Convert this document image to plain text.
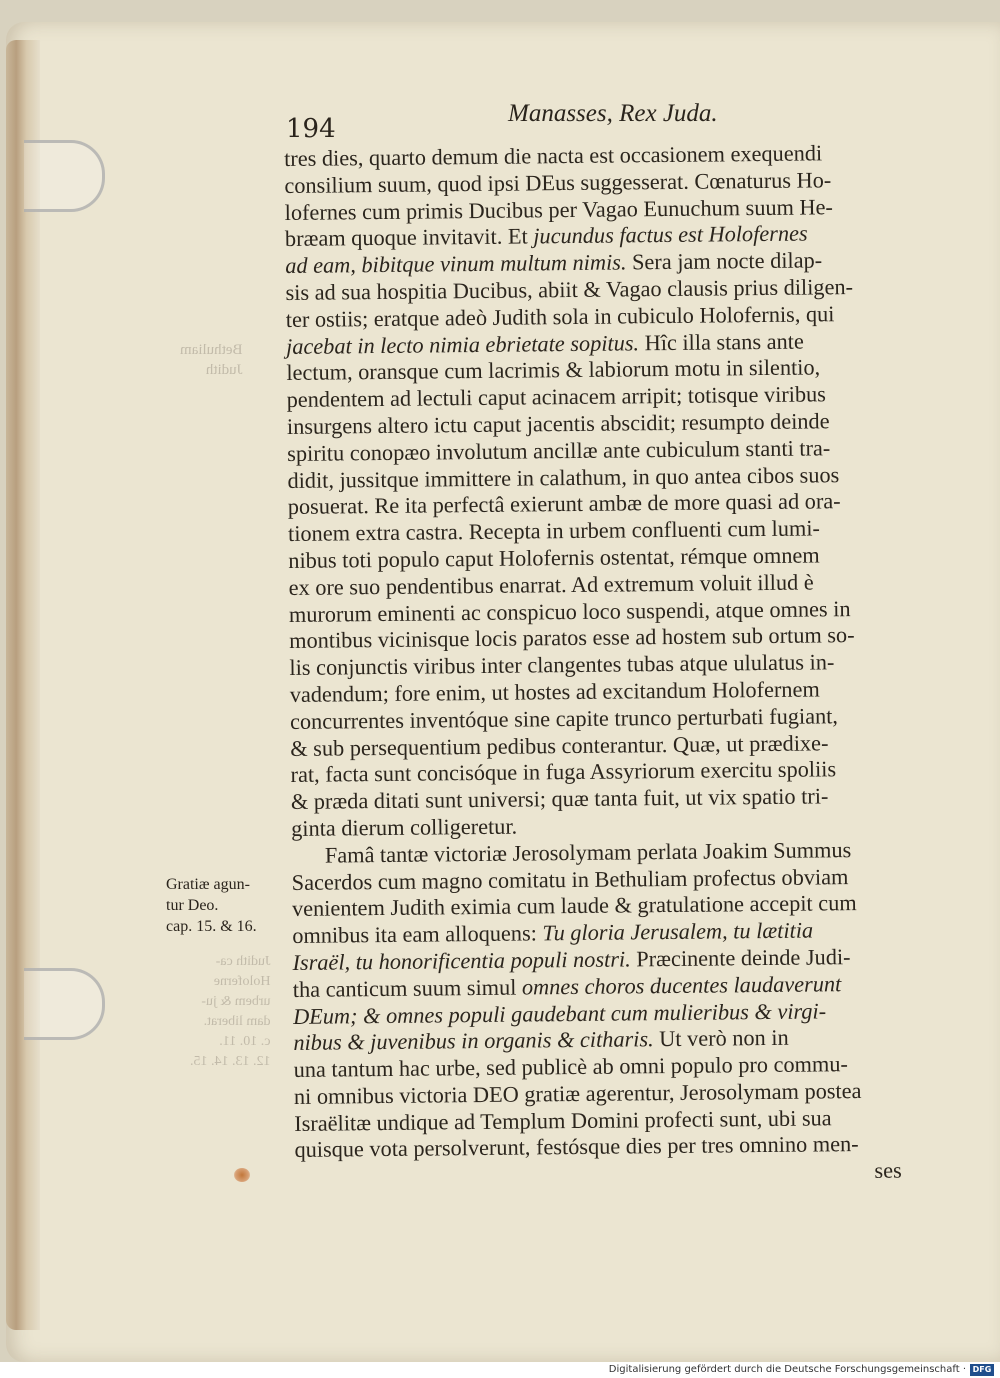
Bethuliam
Judith
Judith ca-
Holoferne
urbem & ju-
dam liberat.
c. 10. 11.
12. 13. 14. 15.
194
Manasses, Rex Juda.
tres dies, quarto demum die nacta est occasionem exequendi
consilium suum, quod ipsi DEus suggesserat. Cœnaturus Ho-
lofernes cum primis Ducibus per Vagao Eunuchum suum He-
bræam quoque invitavit. Et jucundus factus est Holofernes
ad eam, bibitque vinum multum nimis. Sera jam nocte dilap-
sis ad sua hospitia Ducibus, abiit & Vagao clausis prius diligen-
ter ostiis; eratque adeò Judith sola in cubiculo Holofernis, qui
jacebat in lecto nimia ebrietate sopitus. Hîc illa stans ante
lectum, oransque cum lacrimis & labiorum motu in silentio,
pendentem ad lectuli caput acinacem arripit; totisque viribus
insurgens altero ictu caput jacentis abscidit; resumpto deinde
spiritu conopæo involutum ancillæ ante cubiculum stanti tra-
didit, jussitque immittere in calathum, in quo antea cibos suos
posuerat. Re ita perfectâ exierunt ambæ de more quasi ad ora-
tionem extra castra. Recepta in urbem confluenti cum lumi-
nibus toti populo caput Holofernis ostentat, rémque omnem
ex ore suo pendentibus enarrat. Ad extremum voluit illud è
murorum eminenti ac conspicuo loco suspendi, atque omnes in
montibus vicinisque locis paratos esse ad hostem sub ortum so-
lis conjunctis viribus inter clangentes tubas atque ululatus in-
vadendum; fore enim, ut hostes ad excitandum Holofernem
concurrentes inventóque sine capite trunco perturbati fugiant,
& sub persequentium pedibus conterantur. Quæ, ut prædixe-
rat, facta sunt concisóque in fuga Assyriorum exercitu spoliis
& præda ditati sunt universi; quæ tanta fuit, ut vix spatio tri-
ginta dierum colligeretur.
Famâ tantæ victoriæ Jerosolymam perlata Joakim Summus
Sacerdos cum magno comitatu in Bethuliam profectus obviam
venientem Judith eximia cum laude & gratulatione accepit cum
omnibus ita eam alloquens: Tu gloria Jerusalem, tu lætitia
Israël, tu honorificentia populi nostri. Præcinente deinde Judi-
tha canticum suum simul omnes choros ducentes laudaverunt
DEum; & omnes populi gaudebant cum mulieribus & virgi-
nibus & juvenibus in organis & citharis. Ut verò non in
una tantum hac urbe, sed publicè ab omni populo pro commu-
ni omnibus victoria DEO gratiæ agerentur, Jerosolymam postea
Israëlitæ undique ad Templum Domini profecti sunt, ubi sua
quisque vota persolverunt, festósque dies per tres omnino men-
ses
Gratiæ agun-
tur Deo.
cap. 15. & 16.
Digitalisierung gefördert durch die Deutsche Forschungsgemeinschaft · DFG
